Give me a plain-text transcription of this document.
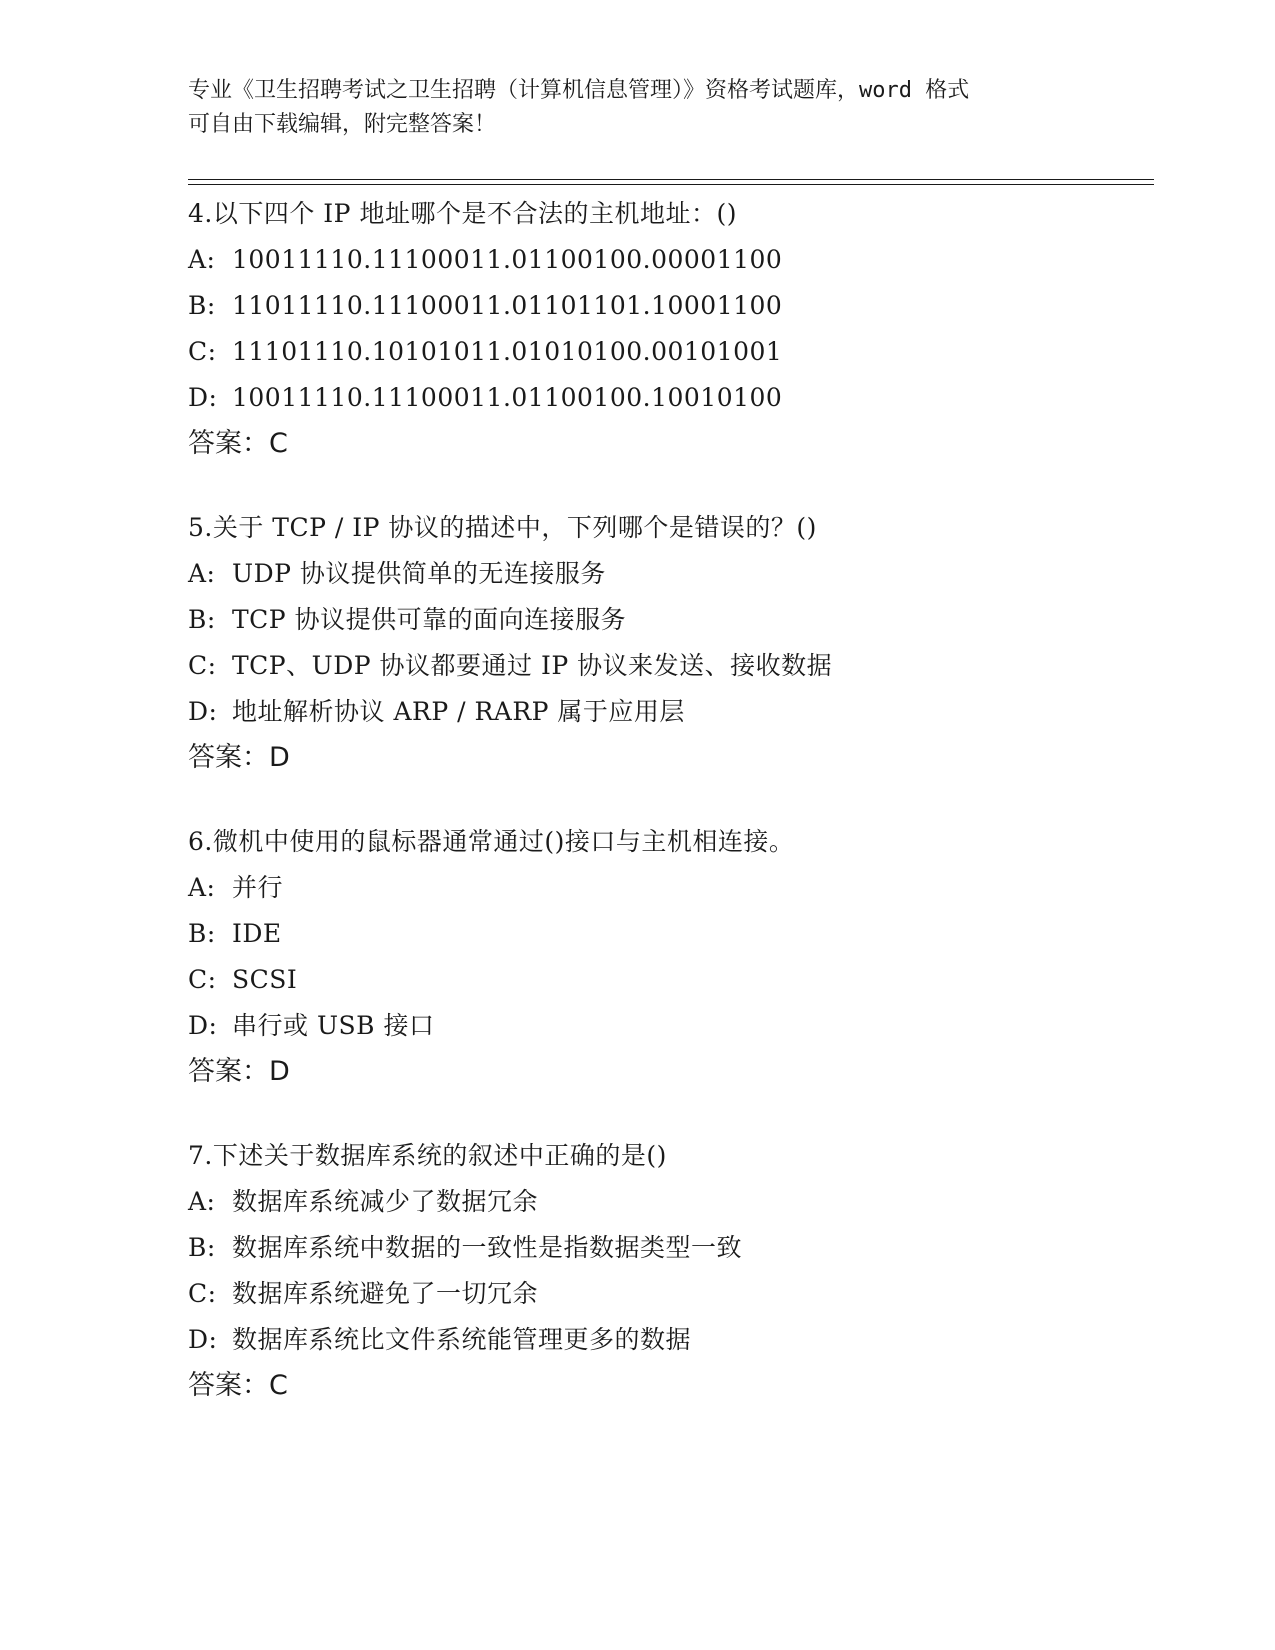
专业《卫生招聘考试之卫生招聘（计算机信息管理）》资格考试题库，word 格式
可自由下载编辑，附完整答案！
4.以下四个 IP 地址哪个是不合法的主机地址：()
A: 10011110.11100011.01100100.00001100
B: 11011110.11100011.01101101.10001100
C: 11101110.10101011.01010100.00101001
D: 10011110.11100011.01100100.10010100
答案：C
5.关于 TCP / IP 协议的描述中，下列哪个是错误的？()
A: UDP 协议提供简单的无连接服务
B: TCP 协议提供可靠的面向连接服务
C: TCP、UDP 协议都要通过 IP 协议来发送、接收数据
D: 地址解析协议 ARP / RARP 属于应用层
答案：D
6.微机中使用的鼠标器通常通过()接口与主机相连接。
A: 并行
B: IDE
C: SCSI
D: 串行或 USB 接口
答案：D
7.下述关于数据库系统的叙述中正确的是()
A: 数据库系统减少了数据冗余
B: 数据库系统中数据的一致性是指数据类型一致
C: 数据库系统避免了一切冗余
D: 数据库系统比文件系统能管理更多的数据
答案：C
